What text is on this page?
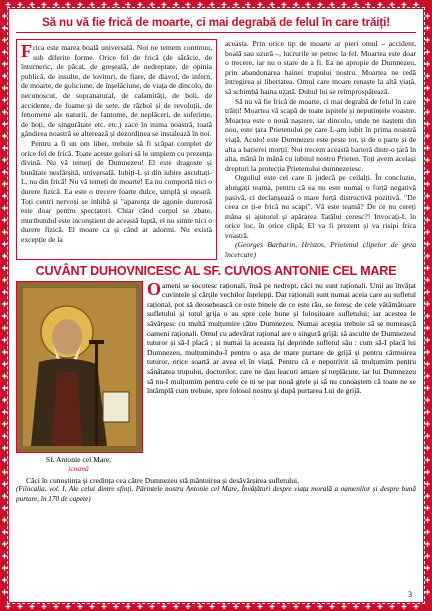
Să nu vă fie frică de moarte, ci mai degrabă de felul în care trăiți!

Frica este marea boală universală. Noi ne temem continuu, sub diferite forme. Orice fel de frică (de sărăcie, de înturneric, de păcat, de greșeală, de nedreptate, de opinia publică, de insulte, de lovituri, de fiare, de diavol, de infern, de moarte, de goliciune, de înșelăciune, de viața de dincolo, de necunoscut, de supranatural, de calamități, de boli, de accidente, de foame și de sete, de războï și de revoluții, de fenomene ale naturii, de fantome, de neplăceri, de suferințe, de hoți, de singurătate etc. etc.) zace în inima noastră, toată gândirea noastră se alterează și dezordinea se instalează în noi.

Pentru a fi un om liber, trebuie să fi scăpat complet de orice fel de frică. Toate aceste goluri să le umplem cu prezența divină. Nu vă temeți de Dumnezeu! El este dragoste și bunătate nesfârșită, universală. Iubiți-L și din iubire ascultați-L, nu din frică! Nu vă temeți de moarte! Ea nu comportă nici o durere fizică. Ea este o trecere foarte dulce, simplă și ușoară. Toți centri nervoși se inhibă și "aparența de agonie durerosă este doar pentru spectatori. Chiar când corpul se zbate, muribundul este inconștient de această luptă, el nu simte nici o durere fizică. El moare ca și când ar adormi. Nu există excepție de la

aceasta. Prin orice tip de moarte ar pieri omul – accident, boală sau uzură –, lucrurile se petrec la fel. Moartea este doar o trecere, iar nu o stare de a fi. Ea ne apropie de Dumnezeu, prin abandonarea hainei trupului nostru. Moartea ne redă întregirea și libertatea. Omul care moare renaște la altă viață, să schimbă haina uzată. Duhul lui se reîmprospătează.

Să nu vă fie frică de moarte, ci mai degrabă de felul în care trăiți! Moartea vă scapă de toate ispitele și neputințele voastre. Moartea este o nouă naștere, iar dincolo, unde ne naștem din nou, este țara Prietenului pe care L-am iubit în prima noastră viață. Acolo! este Dumnezeu este peste tot, și de o parte și de alta a barierei morții. Noi trecem această barieră dintr-o țară în alta, mână în mână cu iubitul nostru Prieten. Toți avem același drepturi la protecția Prietenului dumnezeiesc.

Orgoliul este cel care îi judecă pe ceilalți. În concluzie, alungați teama, pentru că ea nu este numai o forță negativă pasivă, ci declanșează o mare forță distructivă pozitivă. "De ceea ce ți-e frică nu scapi". Vă este teamă? De ce nu cereți mâna și ajutorul și apărarea Tatălui ceresc?! Invocați-L în orice loc, în orice clipă; El va fi prezent și va risipi frica voastră.

(Georges Barbarin, Hristos, Prietenul clipelor de grea încercare)

CUVÂNT DUHOVNICESC AL SF. CUVIOS ANTONIE CEL MARE
Sf. Antonie cel Mare,
icoană

Oameni se socotesc raționali, însă pe nedrept, căci nu sunt raționali. Unii au învățat cuvintele și cărțile vechilor înțelepți. Dar raționali sunt numai aceia care au sufletul rațional, pot să deosebească ce este binele de ce este rău, se feresc de cele vătămătoare sufletului și totul grija o au spre cele bune și folositoare sufletului; iar acestea le săvârșesc cu multă mulțumire către Dumnezeu. Numai aceștia trebuie să se numească oameni raționali. Omul cu adevărat rațional are o singură grijă: să asculte de Dumnezeul tuturor și să-I placă ; și numai la aceasta își deprinde sufletul său : cum să-I placă lui Dumnezeu, mulțumindu-I pentru o așa de mare purtare de grijă și pentru cârmuirea tuturor, orice soartă ar avea el în viață. Pentru că e nepotrivit să mulțumim pentru sănătatea trupului, doctorilor, care ne dau leacuri amare și neplăcute, iar lui Dumnezeu să nu-I mulțumim pentru cele ce ni se par nouă grele și să nu cunoaștem că toate ne se întâmplă cum trebuie, spre folosul nostru și după purtarea Lui de grijă.

Căci în cunoștința și credința cea către Dumnezeu stă mântuirea și desăvârșirea sufletului.

(Filocalia, vol. I, Ale celui dintre sfinți, Părintele nostru Antonie cel Mare, Învățături despre viața morală a oamenilor și despre bună purtare, în 170 de capete)
3
